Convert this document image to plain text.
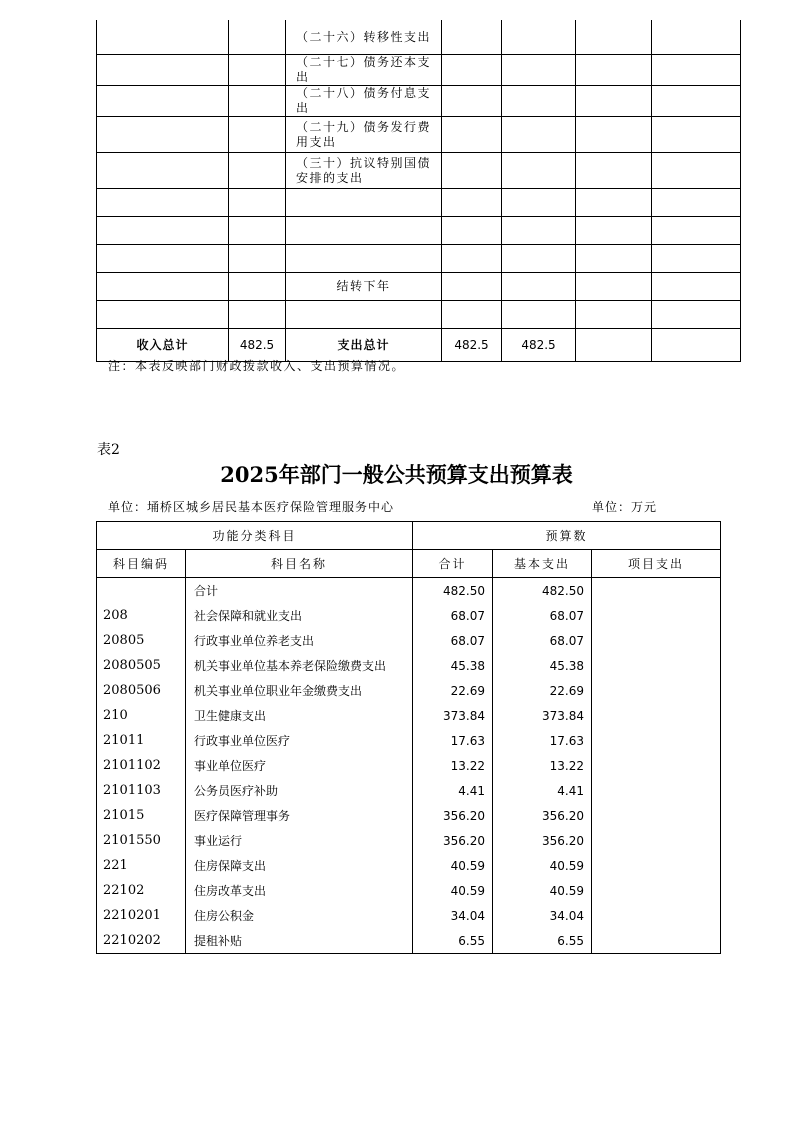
		（二十六）转移性支出				
		（二十七）债务还本支出				
		（二十八）债务付息支出				
		（二十九）债务发行费用支出				
		（三十）抗议特别国债安排的支出				

		结转下年				

收入总计	482.5	支出总计	482.5	482.5		
注：本表反映部门财政拨款收入、支出预算情况。
表2
2025年部门一般公共预算支出预算表
单位：埇桥区城乡居民基本医疗保险管理服务中心	单位：万元
功能分类科目		预算数		
科目编码	科目名称	合计	基本支出	项目支出
	合计	482.50	482.50	
208	社会保障和就业支出	68.07	68.07	
20805	行政事业单位养老支出	68.07	68.07	
2080505	机关事业单位基本养老保险缴费支出	45.38	45.38	
2080506	机关事业单位职业年金缴费支出	22.69	22.69	
210	卫生健康支出	373.84	373.84	
21011	行政事业单位医疗	17.63	17.63	
2101102	事业单位医疗	13.22	13.22	
2101103	公务员医疗补助	4.41	4.41	
21015	医疗保障管理事务	356.20	356.20	
2101550	事业运行	356.20	356.20	
221	住房保障支出	40.59	40.59	
22102	住房改革支出	40.59	40.59	
2210201	住房公积金	34.04	34.04	
2210202	提租补贴	6.55	6.55	
